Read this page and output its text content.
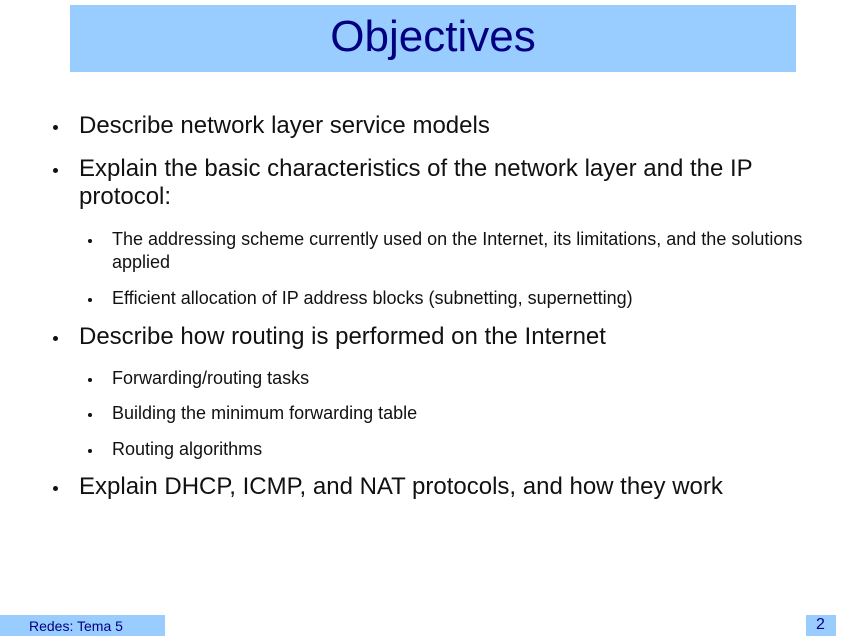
Objectives
Describe network layer service models
Explain the basic characteristics of the network layer and the IP protocol:
The addressing scheme currently used on the Internet, its limitations, and the solutions applied
Efficient allocation of IP address blocks (subnetting, supernetting)
Describe how routing is performed on the Internet
Forwarding/routing tasks
Building the minimum forwarding table
Routing algorithms
Explain DHCP, ICMP, and NAT protocols, and how they work
Redes: Tema 5	2
